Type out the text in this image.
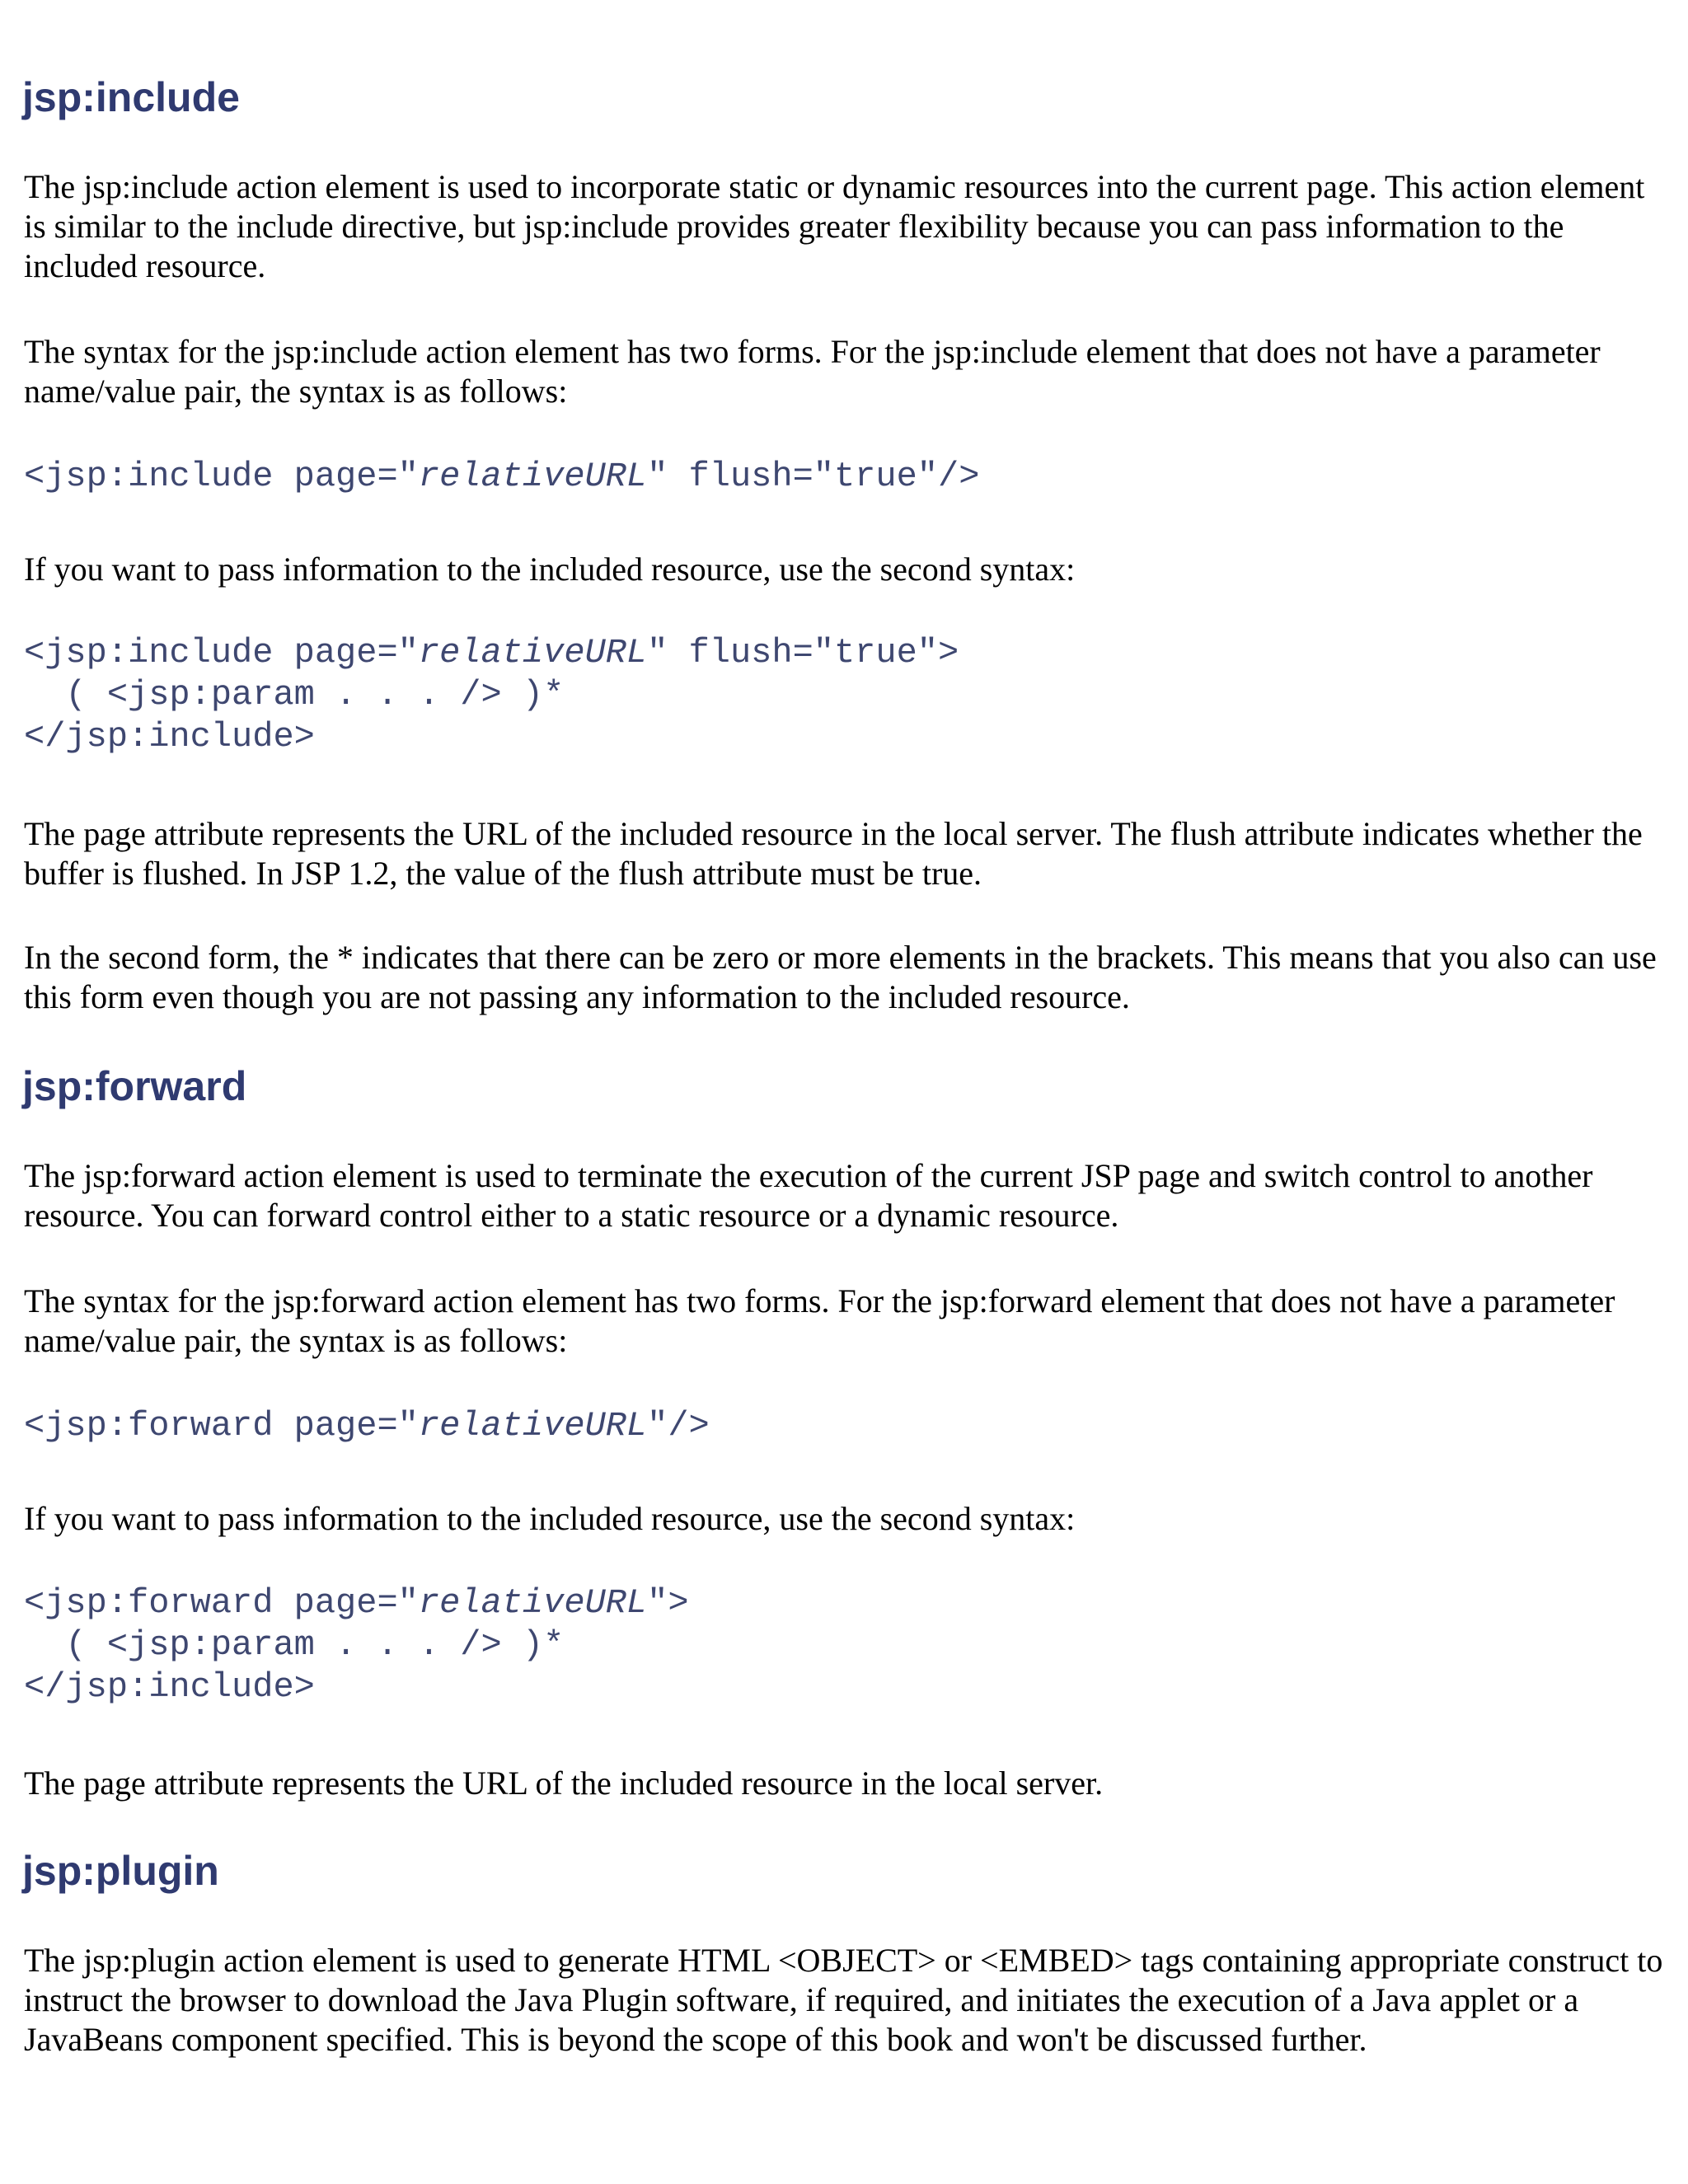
jsp:include

The jsp:include action element is used to incorporate static or dynamic resources into the current page. This action element is similar to the include directive, but jsp:include provides greater flexibility because you can pass information to the included resource.

The syntax for the jsp:include action element has two forms. For the jsp:include element that does not have a parameter name/value pair, the syntax is as follows:

<jsp:include page="relativeURL" flush="true"/>

If you want to pass information to the included resource, use the second syntax:

<jsp:include page="relativeURL" flush="true">
( <jsp:param . . . /> )*
</jsp:include>

The page attribute represents the URL of the included resource in the local server. The flush attribute indicates whether the buffer is flushed. In JSP 1.2, the value of the flush attribute must be true.

In the second form, the * indicates that there can be zero or more elements in the brackets. This means that you also can use this form even though you are not passing any information to the included resource.

jsp:forward

The jsp:forward action element is used to terminate the execution of the current JSP page and switch control to another resource. You can forward control either to a static resource or a dynamic resource.

The syntax for the jsp:forward action element has two forms. For the jsp:forward element that does not have a parameter name/value pair, the syntax is as follows:

<jsp:forward page="relativeURL"/>

If you want to pass information to the included resource, use the second syntax:

<jsp:forward page="relativeURL">
( <jsp:param . . . /> )*
</jsp:include>

The page attribute represents the URL of the included resource in the local server.

jsp:plugin

The jsp:plugin action element is used to generate HTML <OBJECT> or <EMBED> tags containing appropriate construct to instruct the browser to download the Java Plugin software, if required, and initiates the execution of a Java applet or a JavaBeans component specified. This is beyond the scope of this book and won't be discussed further.
